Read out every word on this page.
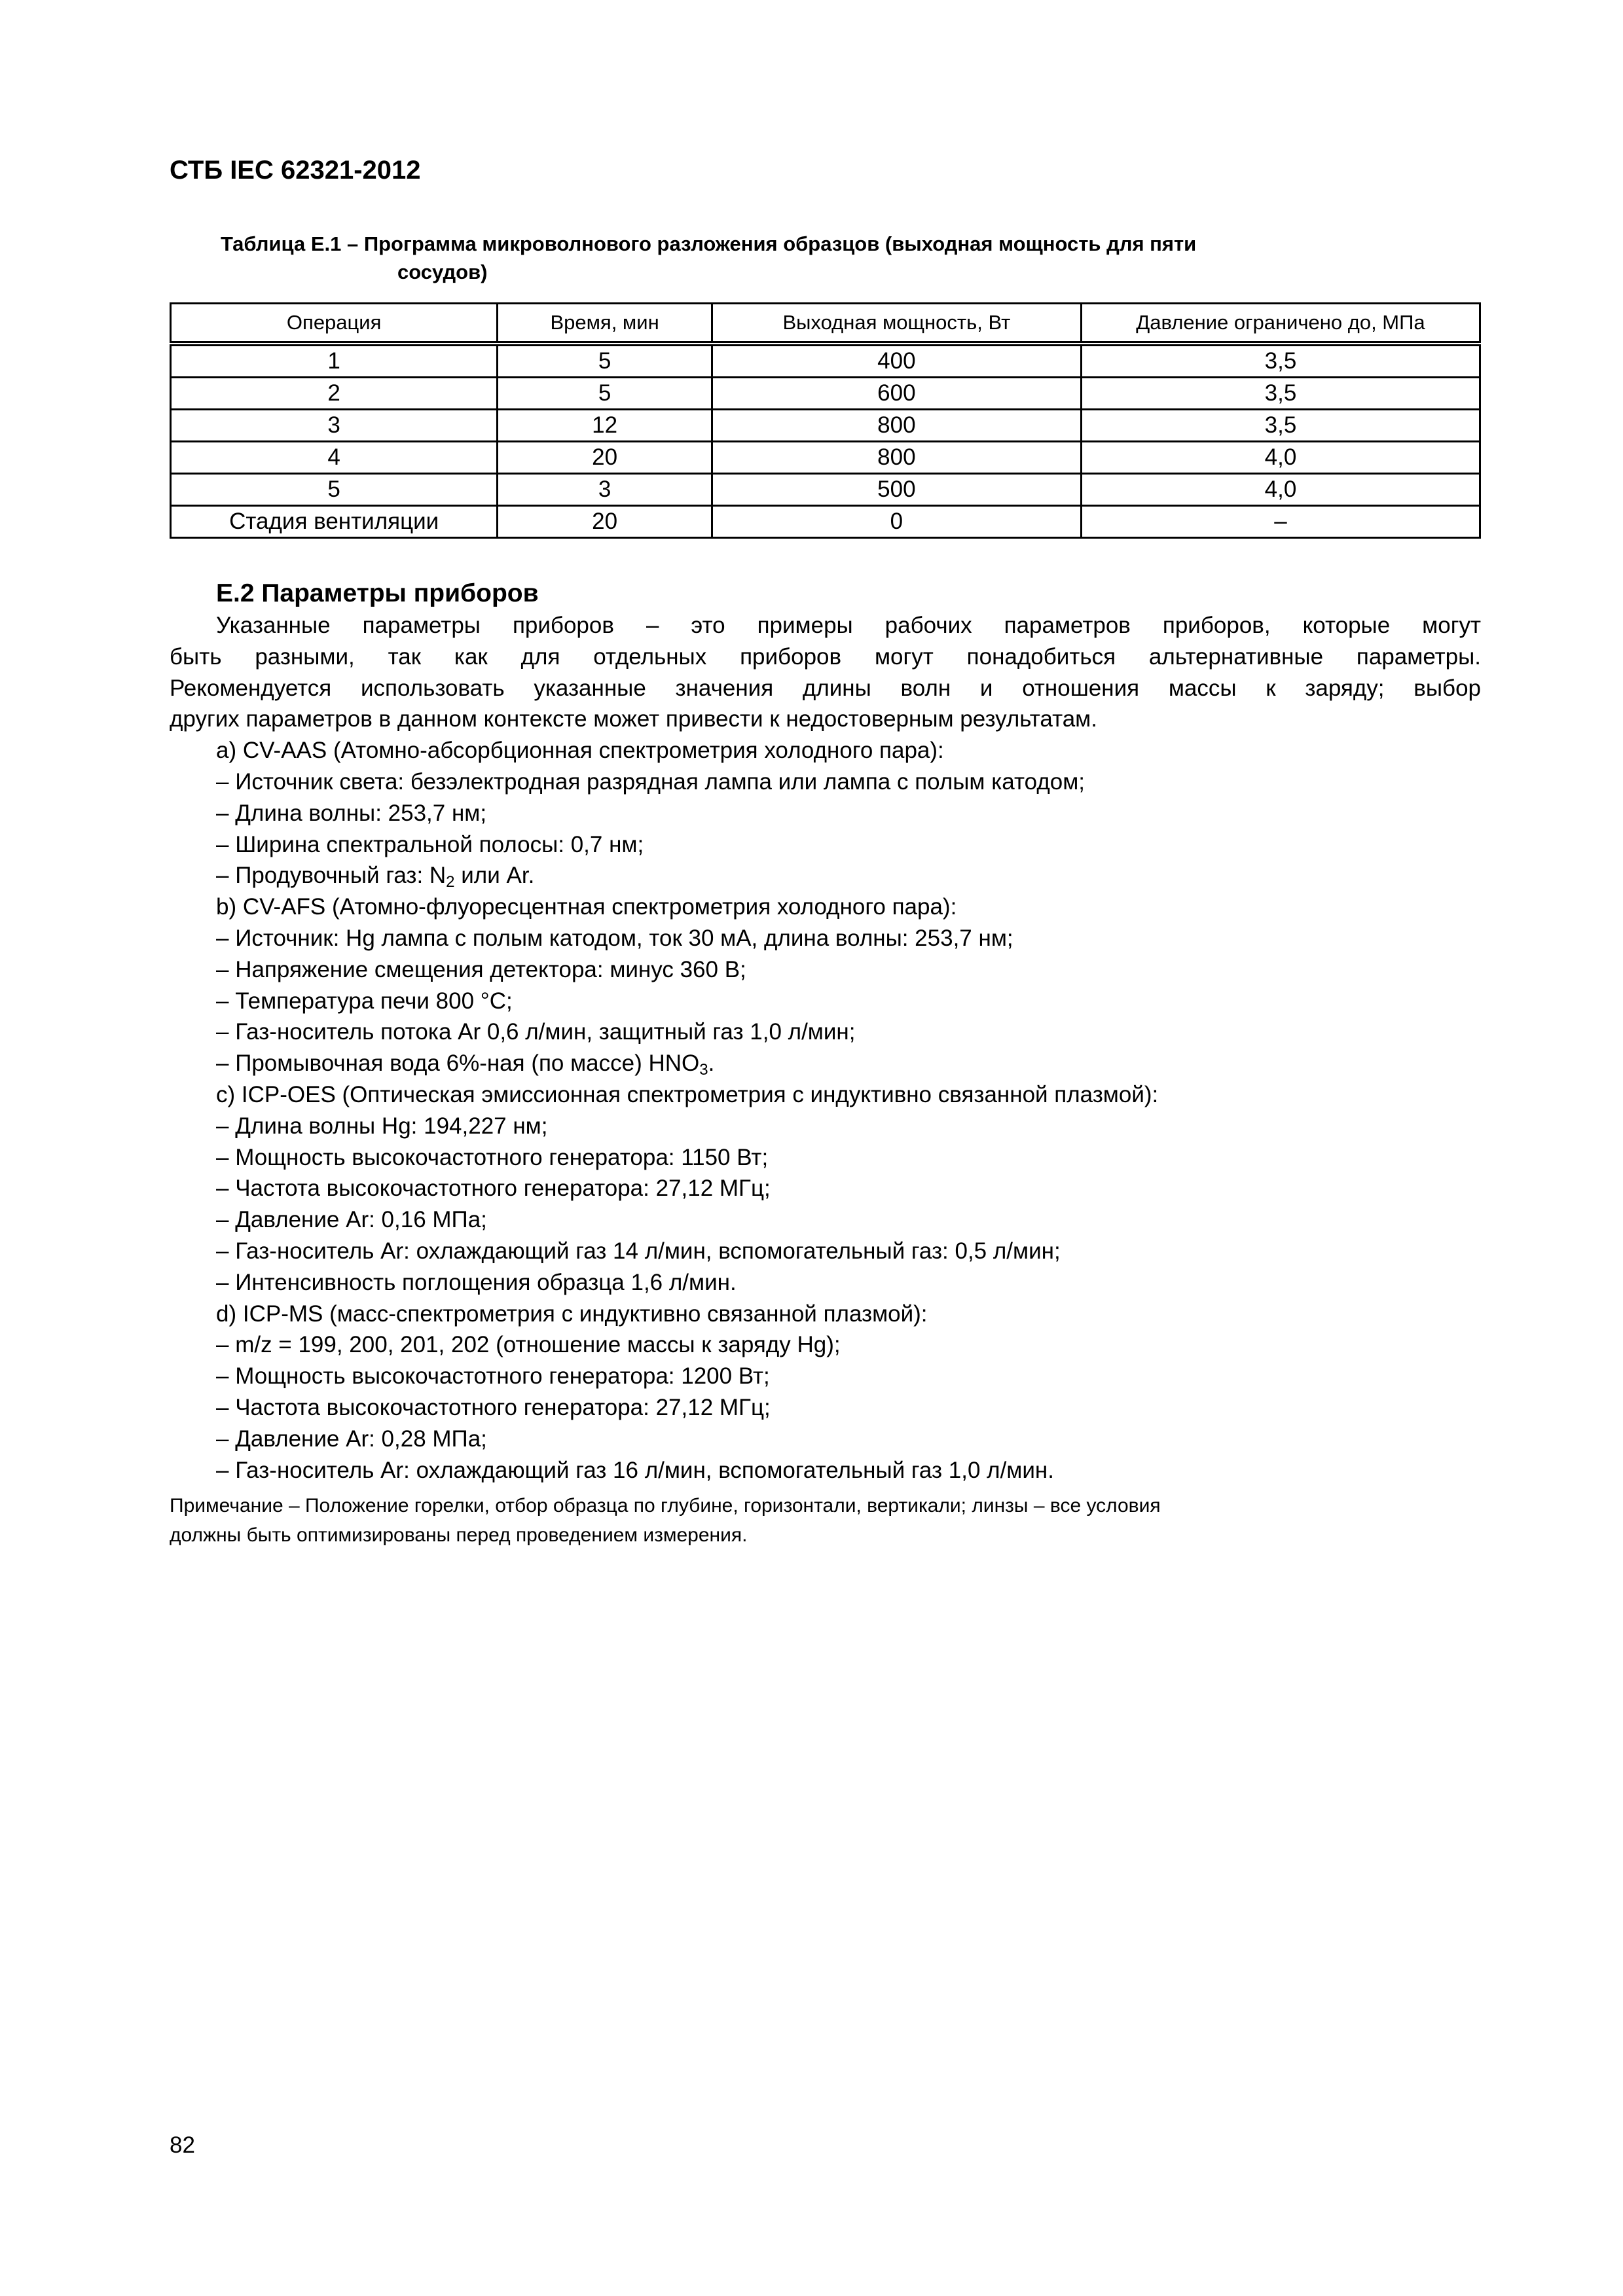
СТБ IEC 62321-2012
Таблица Е.1 – Программа микроволнового разложения образцов (выходная мощность для пяти
сосудов)
Операция	Время, мин	Выходная мощность, Вт	Давление ограничено до, МПа
1	5	400	3,5
2	5	600	3,5
3	12	800	3,5
4	20	800	4,0
5	3	500	4,0
Стадия вентиляции	20	0	–
Е.2 Параметры приборов
Указанные параметры приборов – это примеры рабочих параметров приборов, которые могут
быть разными, так как для отдельных приборов могут понадобиться альтернативные параметры.
Рекомендуется использовать указанные значения длины волн и отношения массы к заряду; выбор
других параметров в данном контексте может привести к недостоверным результатам.
a) CV-AAS (Атомно-абсорбционная спектрометрия холодного пара):
– Источник света: безэлектродная разрядная лампа или лампа с полым катодом;
– Длина волны: 253,7 нм;
– Ширина спектральной полосы: 0,7 нм;
– Продувочный газ: $N_2$ или Ar.
b) CV-AFS (Атомно-флуоресцентная спектрометрия холодного пара):
– Источник: Hg лампа с полым катодом, ток 30 мА, длина волны: 253,7 нм;
– Напряжение смещения детектора: минус 360 В;
– Температура печи 800 °С;
– Газ-носитель потока Ar 0,6 л/мин, защитный газ 1,0 л/мин;
– Промывочная вода 6%-ная (по массе) $HNO_3$.
c) ICP-OES (Оптическая эмиссионная спектрометрия с индуктивно связанной плазмой):
– Длина волны Hg: 194,227 нм;
– Мощность высокочастотного генератора: 1150 Вт;
– Частота высокочастотного генератора: 27,12 МГц;
– Давление Ar: 0,16 МПа;
– Газ-носитель Ar: охлаждающий газ 14 л/мин, вспомогательный газ: 0,5 л/мин;
– Интенсивность поглощения образца 1,6 л/мин.
d) ICP-MS (масс-спектрометрия с индуктивно связанной плазмой):
– m/z = 199, 200, 201, 202 (отношение массы к заряду Hg);
– Мощность высокочастотного генератора: 1200 Вт;
– Частота высокочастотного генератора: 27,12 МГц;
– Давление Ar: 0,28 МПа;
– Газ-носитель Ar: охлаждающий газ 16 л/мин, вспомогательный газ 1,0 л/мин.
Примечание – Положение горелки, отбор образца по глубине, горизонтали, вертикали; линзы – все условия
должны быть оптимизированы перед проведением измерения.
82
